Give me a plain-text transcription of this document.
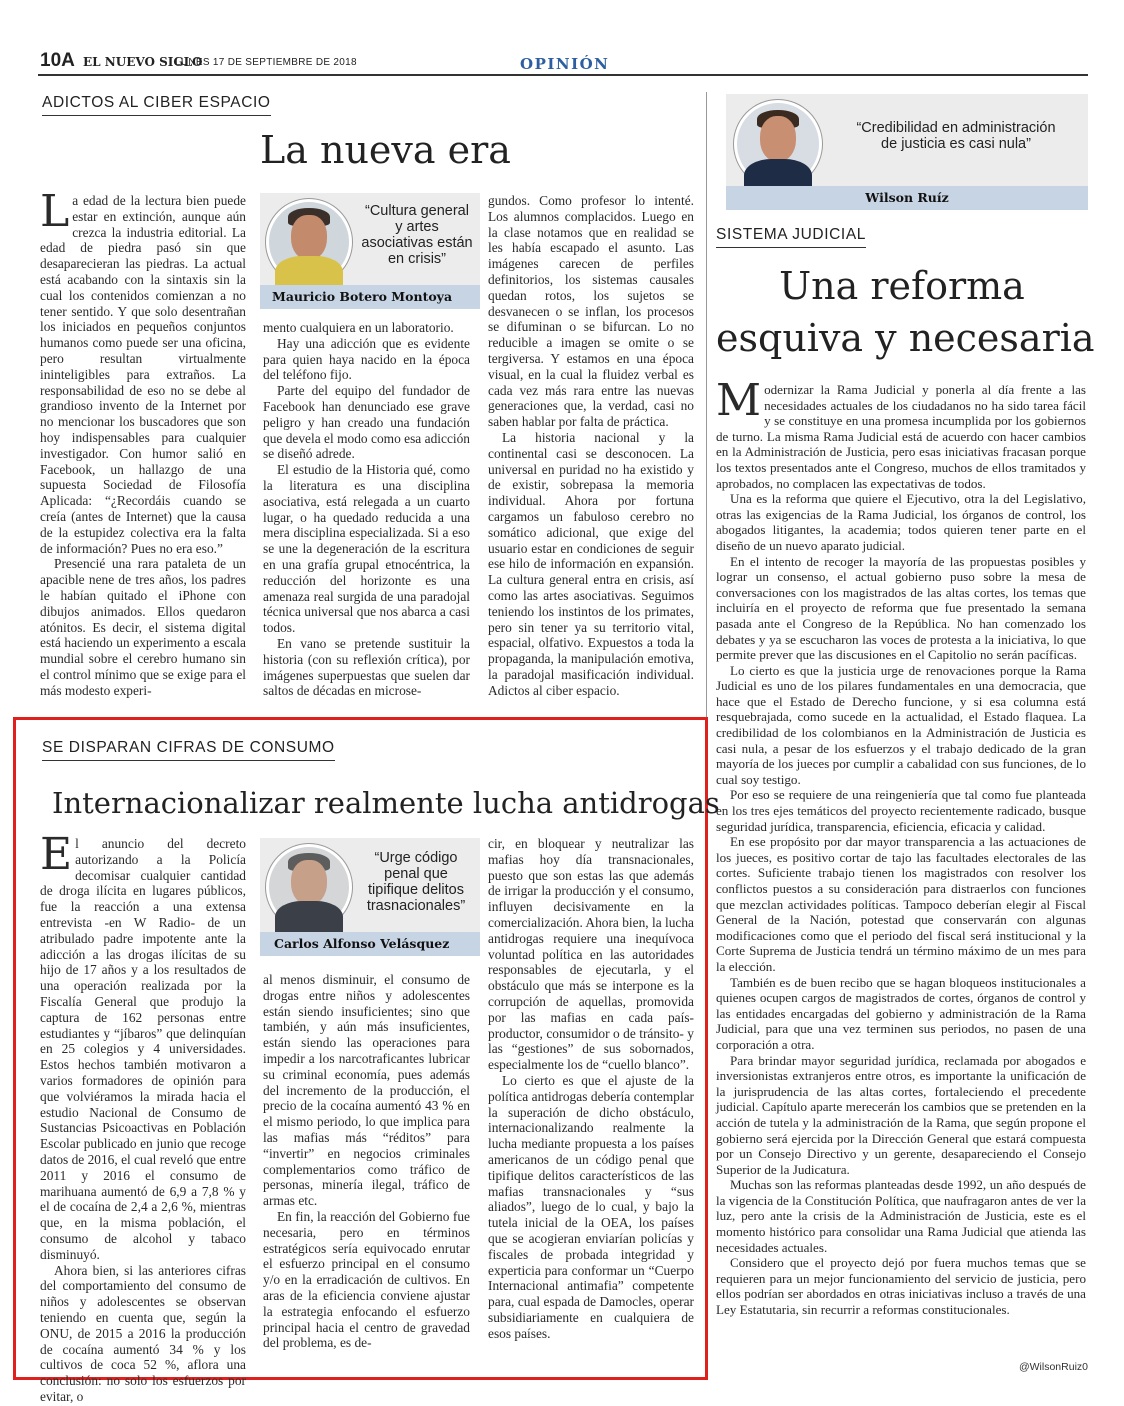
10A EL NUEVO SIGLO
LUNES 17 DE SEPTIEMBRE DE 2018	OPINIÓN
ADICTOS AL CIBER ESPACIO
La nueva era
“Cultura general y artes asociativas están en crisis”
Mauricio Botero Montoya

La edad de la lectura bien puede estar en extinción, aunque aún crezca la industria editorial. La edad de piedra pasó sin que desaparecieran las piedras. La actual está acabando con la sintaxis sin la cual los contenidos comienzan a no tener sentido. Y que solo desentrañan los iniciados en pequeños conjuntos humanos como puede ser una oficina, pero resultan virtualmente ininteligibles para extraños. La responsabilidad de eso no se debe al grandioso invento de la Internet por no mencionar los buscadores que son hoy indispensables para cualquier investigador. Con humor salió en Facebook, un hallazgo de una supuesta Sociedad de Filosofía Aplicada: “¿Recordáis cuando se creía (antes de Internet) que la causa de la estupidez colectiva era la falta de información? Pues no era eso.”

Presencié una rara pataleta de un apacible nene de tres años, los padres le habían quitado el iPhone con dibujos animados. Ellos quedaron atónitos. Es decir, el sistema digital está haciendo un experimento a escala mundial sobre el cerebro humano sin el control mínimo que se exige para el más modesto experi-

mento cualquiera en un laboratorio.

Hay una adicción que es evidente para quien haya nacido en la época del teléfono fijo.

Parte del equipo del fundador de Facebook han denunciado ese grave peligro y han creado una fundación que devela el modo como esa adicción se diseñó adrede.

El estudio de la Historia qué, como la literatura es una disciplina asociativa, está relegada a un cuarto lugar, o ha quedado reducida a una mera disciplina especializada. Si a eso se une la degeneración de la escritura en una grafía grupal etnocéntrica, la reducción del horizonte es una amenaza real surgida de una paradojal técnica universal que nos abarca a casi todos.

En vano se pretende sustituir la historia (con su reflexión crítica), por imágenes superpuestas que suelen dar saltos de décadas en microse-

gundos. Como profesor lo intenté. Los alumnos complacidos. Luego en la clase notamos que en realidad se les había escapado el asunto. Las imágenes carecen de perfiles definitorios, los sistemas causales quedan rotos, los sujetos se desvanecen o se inflan, los procesos se difuminan o se bifurcan. Lo no reducible a imagen se omite o se tergiversa. Y estamos en una época visual, en la cual la fluidez verbal es cada vez más rara entre las nuevas generaciones que, la verdad, casi no saben hablar por falta de práctica.

La historia nacional y la continental casi se desconocen. La universal en puridad no ha existido y de existir, sobrepasa la memoria individual. Ahora por fortuna cargamos un fabuloso cerebro no somático adicional, que exige del usuario estar en condiciones de seguir ese hilo de información en expansión. La cultura general entra en crisis, así como las artes asociativas. Seguimos teniendo los instintos de los primates, pero sin tener ya su territorio vital, espacial, olfativo. Expuestos a toda la propaganda, la manipulación emotiva, la paradojal masificación individual. Adictos al ciber espacio.

SE DISPARAN CIFRAS DE CONSUMO
Internacionalizar realmente lucha antidrogas
“Urge código penal que tipifique delitos trasnacionales”
Carlos Alfonso Velásquez

El anuncio del decreto autorizando a la Policía decomisar cualquier cantidad de droga ilícita en lugares públicos, fue la reacción a una extensa entrevista -en W Radio- de un atribulado padre impotente ante la adicción a las drogas ilícitas de su hijo de 17 años y a los resultados de una operación realizada por la Fiscalía General que produjo la captura de 162 personas entre estudiantes y “jíbaros” que delinquían en 25 colegios y 4 universidades. Estos hechos también motivaron a varios formadores de opinión para que volviéramos la mirada hacia el estudio Nacional de Consumo de Sustancias Psicoactivas en Población Escolar publicado en junio que recoge datos de 2016, el cual reveló que entre 2011 y 2016 el consumo de marihuana aumentó de 6,9 a 7,8 % y el de cocaína de 2,4 a 2,6 %, mientras que, en la misma población, el consumo de alcohol y tabaco disminuyó.

Ahora bien, si las anteriores cifras del comportamiento del consumo de niños y adolescentes se observan teniendo en cuenta que, según la ONU, de 2015 a 2016 la producción de cocaína aumentó 34 % y los cultivos de coca 52 %, aflora una conclusión: no solo los esfuerzos por evitar, o

al menos disminuir, el consumo de drogas entre niños y adolescentes están siendo insuficientes; sino que también, y aún más insuficientes, están siendo las operaciones para impedir a los narcotraficantes lubricar su criminal economía, pues además del incremento de la producción, el precio de la cocaína aumentó 43 % en el mismo periodo, lo que implica para las mafias más “réditos” para “invertir” en negocios criminales complementarios como tráfico de personas, minería ilegal, tráfico de armas etc.

En fin, la reacción del Gobierno fue necesaria, pero en términos estratégicos sería equivocado enrutar el esfuerzo principal en el consumo y/o en la erradicación de cultivos. En aras de la eficiencia conviene ajustar la estrategia enfocando el esfuerzo principal hacia el centro de gravedad del problema, es de-

cir, en bloquear y neutralizar las mafias hoy día transnacionales, puesto que son estas las que además de irrigar la producción y el consumo, influyen decisivamente en la comercialización. Ahora bien, la lucha antidrogas requiere una inequívoca voluntad política en las autoridades responsables de ejecutarla, y el obstáculo que más se interpone es la corrupción de aquellas, promovida por las mafias en cada país- productor, consumidor o de tránsito- y las “gestiones” de sus sobornados, especialmente los de “cuello blanco”.

Lo cierto es que el ajuste de la política antidrogas debería contemplar la superación de dicho obstáculo, internacionalizando realmente la lucha mediante propuesta a los países americanos de un código penal que tipifique delitos característicos de las mafias transnacionales y “sus aliados”, luego de lo cual, y bajo la tutela inicial de la OEA, los países que se acogieran enviarían policías y fiscales de probada integridad y experticia para conformar un “Cuerpo Internacional antimafia” competente para, cual espada de Damocles, operar subsidiariamente en cualquiera de esos países.

“Credibilidad en administración de justicia es casi nula”
Wilson Ruíz
SISTEMA JUDICIAL
Una reforma
esquiva y necesaria

Modernizar la Rama Judicial y ponerla al día frente a las necesidades actuales de los ciudadanos no ha sido tarea fácil y se constituye en una promesa incumplida por los gobiernos de turno. La misma Rama Judicial está de acuerdo con hacer cambios en la Administración de Justicia, pero esas iniciativas fracasan porque los textos presentados ante el Congreso, muchos de ellos tramitados y aprobados, no complacen las expectativas de todos.

Una es la reforma que quiere el Ejecutivo, otra la del Legislativo, otras las exigencias de la Rama Judicial, los órganos de control, los abogados litigantes, la academia; todos quieren tener parte en el diseño de un nuevo aparato judicial.

En el intento de recoger la mayoría de las propuestas posibles y lograr un consenso, el actual gobierno puso sobre la mesa de conversaciones con los magistrados de las altas cortes, los temas que incluiría en el proyecto de reforma que fue presentado la semana pasada ante el Congreso de la República. No han comenzado los debates y ya se escucharon las voces de protesta a la iniciativa, lo que permite prever que las discusiones en el Capitolio no serán pacíficas.

Lo cierto es que la justicia urge de renovaciones porque la Rama Judicial es uno de los pilares fundamentales en una democracia, que hace que el Estado de Derecho funcione, y si esa columna está resquebrajada, como sucede en la actualidad, el Estado flaquea. La credibilidad de los colombianos en la Administración de Justicia es casi nula, a pesar de los esfuerzos y el trabajo dedicado de la gran mayoría de los jueces por cumplir a cabalidad con sus funciones, de lo cual soy testigo.

Por eso se requiere de una reingeniería que tal como fue planteada en los tres ejes temáticos del proyecto recientemente radicado, busque seguridad jurídica, transparencia, eficiencia, eficacia y calidad.

En ese propósito por dar mayor transparencia a las actuaciones de los jueces, es positivo cortar de tajo las facultades electorales de las cortes. Suficiente trabajo tienen los magistrados con resolver los conflictos puestos a su consideración para distraerlos con funciones que mezclan actividades políticas. Tampoco deberían elegir al Fiscal General de la Nación, potestad que conservarán con algunas modificaciones como que el periodo del fiscal será institucional y la Corte Suprema de Justicia tendrá un término máximo de un mes para la elección.

También es de buen recibo que se hagan bloqueos institucionales a quienes ocupen cargos de magistrados de cortes, órganos de control y las entidades encargadas del gobierno y administración de la Rama Judicial, para que una vez terminen sus periodos, no pasen de una corporación a otra.

Para brindar mayor seguridad jurídica, reclamada por abogados e inversionistas extranjeros entre otros, es importante la unificación de la jurisprudencia de las altas cortes, fortaleciendo el precedente judicial. Capítulo aparte merecerán los cambios que se pretenden en la acción de tutela y la administración de la Rama, que según propone el gobierno será ejercida por la Dirección General que estará compuesta por un Consejo Directivo y un gerente, desapareciendo el Consejo Superior de la Judicatura.

Muchas son las reformas planteadas desde 1992, un año después de la vigencia de la Constitución Política, que naufragaron antes de ver la luz, pero ante la crisis de la Administración de Justicia, este es el momento histórico para consolidar una Rama Judicial que atienda las necesidades actuales.

Considero que el proyecto dejó por fuera muchos temas que se requieren para un mejor funcionamiento del servicio de justicia, pero ellos podrían ser abordados en otras iniciativas incluso a través de una Ley Estatutaria, sin recurrir a reformas constitucionales.

@WilsonRuiz0
